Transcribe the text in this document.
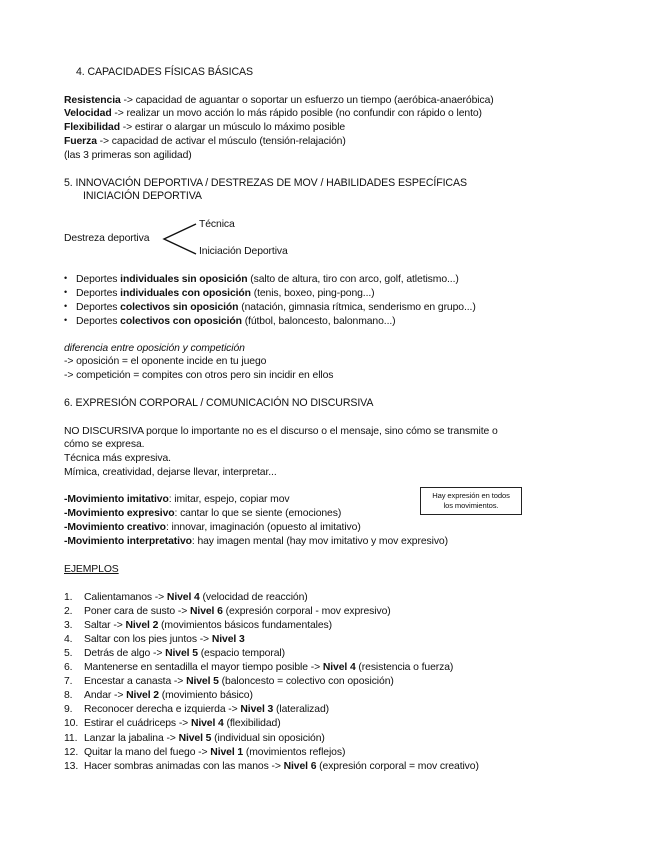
4. CAPACIDADES FÍSICAS BÁSICAS
Resistencia -> capacidad de aguantar o soportar un esfuerzo un tiempo (aeróbica-anaeróbica)
Velocidad -> realizar un movo acción lo más rápido posible (no confundir con rápido o lento)
Flexibilidad -> estirar o alargar un músculo lo máximo posible
Fuerza -> capacidad de activar el músculo (tensión-relajación)
(las 3 primeras son agilidad)
5. INNOVACIÓN DEPORTIVA / DESTREZAS DE MOV / HABILIDADES ESPECÍFICAS
INICIACIÓN DEPORTIVA
Técnica
Destreza deportiva
Iniciación Deportiva
• Deportes individuales sin oposición (salto de altura, tiro con arco, golf, atletismo...)
• Deportes individuales con oposición (tenis, boxeo, ping-pong...)
• Deportes colectivos sin oposición (natación, gimnasia rítmica, senderismo en grupo...)
• Deportes colectivos con oposición (fútbol, baloncesto, balonmano...)
diferencia entre oposición y competición
-> oposición = el oponente incide en tu juego
-> competición = compites con otros pero sin incidir en ellos
6. EXPRESIÓN CORPORAL / COMUNICACIÓN NO DISCURSIVA
NO DISCURSIVA porque lo importante no es el discurso o el mensaje, sino cómo se transmite o
cómo se expresa.
Técnica más expresiva.
Mímica, creatividad, dejarse llevar, interpretar...
-Movimiento imitativo: imitar, espejo, copiar mov
-Movimiento expresivo: cantar lo que se siente (emociones)
-Movimiento creativo: innovar, imaginación (opuesto al imitativo)
-Movimiento interpretativo: hay imagen mental (hay mov imitativo y mov expresivo)
Hay expresión en todos
los movimientos.
EJEMPLOS
1. Calientamanos -> Nivel 4 (velocidad de reacción)
2. Poner cara de susto -> Nivel 6 (expresión corporal - mov expresivo)
3. Saltar -> Nivel 2 (movimientos básicos fundamentales)
4. Saltar con los pies juntos -> Nivel 3
5. Detrás de algo -> Nivel 5 (espacio temporal)
6. Mantenerse en sentadilla el mayor tiempo posible -> Nivel 4 (resistencia o fuerza)
7. Encestar a canasta -> Nivel 5 (baloncesto = colectivo con oposición)
8. Andar -> Nivel 2 (movimiento básico)
9. Reconocer derecha e izquierda -> Nivel 3 (lateralizad)
10. Estirar el cuádriceps -> Nivel 4 (flexibilidad)
11. Lanzar la jabalina -> Nivel 5 (individual sin oposición)
12. Quitar la mano del fuego -> Nivel 1 (movimientos reflejos)
13. Hacer sombras animadas con las manos -> Nivel 6 (expresión corporal = mov creativo)
